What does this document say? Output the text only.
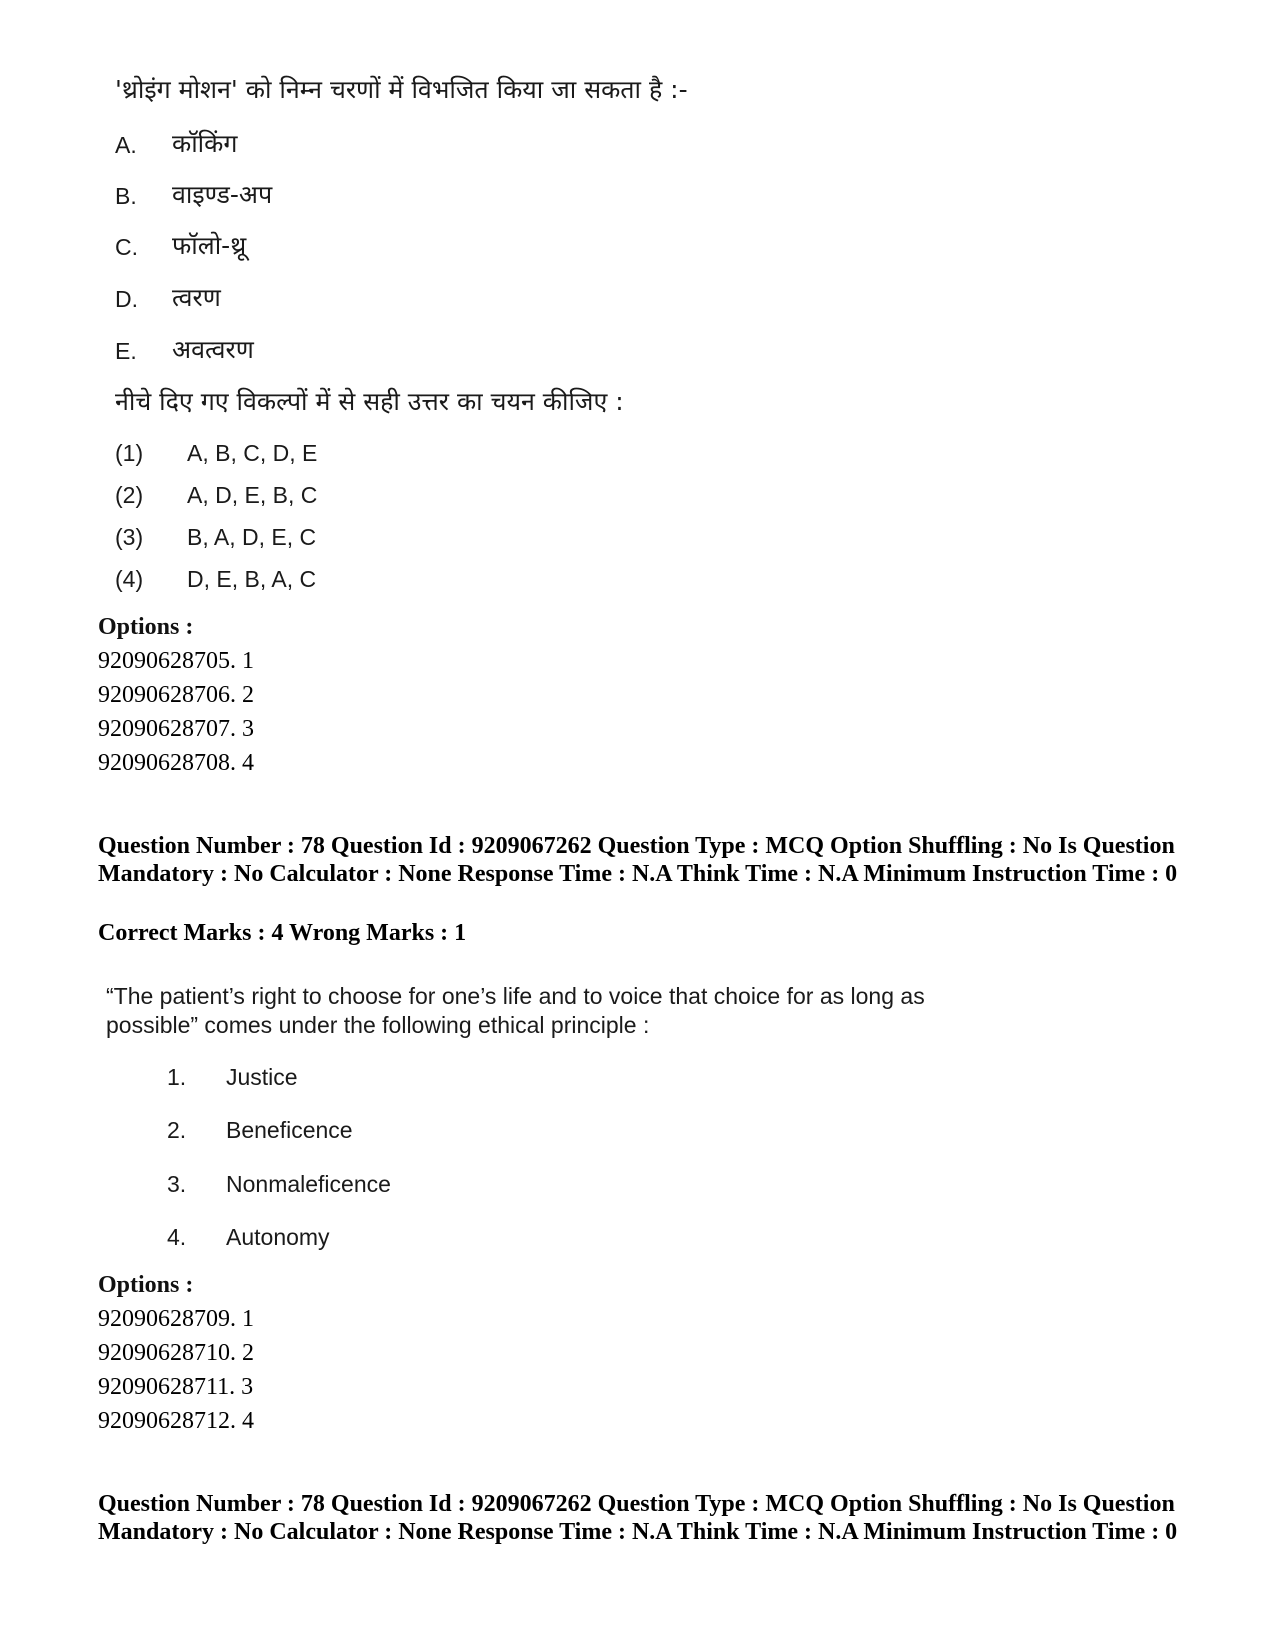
'थ्रोइंग मोशन' को निम्न चरणों में विभजित किया जा सकता है :-
A. कॉकिंग
B. वाइण्ड-अप
C. फॉलो-थ्रू
D. त्वरण
E. अवत्वरण
नीचे दिए गए विकल्पों में से सही उत्तर का चयन कीजिए :
(1) A, B, C, D, E
(2) A, D, E, B, C
(3) B, A, D, E, C
(4) D, E, B, A, C
Options :
92090628705. 1
92090628706. 2
92090628707. 3
92090628708. 4
Question Number : 78 Question Id : 9209067262 Question Type : MCQ Option Shuffling : No Is Question Mandatory : No Calculator : None Response Time : N.A Think Time : N.A Minimum Instruction Time : 0
Correct Marks : 4 Wrong Marks : 1
“The patient’s right to choose for one’s life and to voice that choice for as long as possible” comes under the following ethical principle :
1. Justice
2. Beneficence
3. Nonmaleficence
4. Autonomy
Options :
92090628709. 1
92090628710. 2
92090628711. 3
92090628712. 4
Question Number : 78 Question Id : 9209067262 Question Type : MCQ Option Shuffling : No Is Question Mandatory : No Calculator : None Response Time : N.A Think Time : N.A Minimum Instruction Time : 0
